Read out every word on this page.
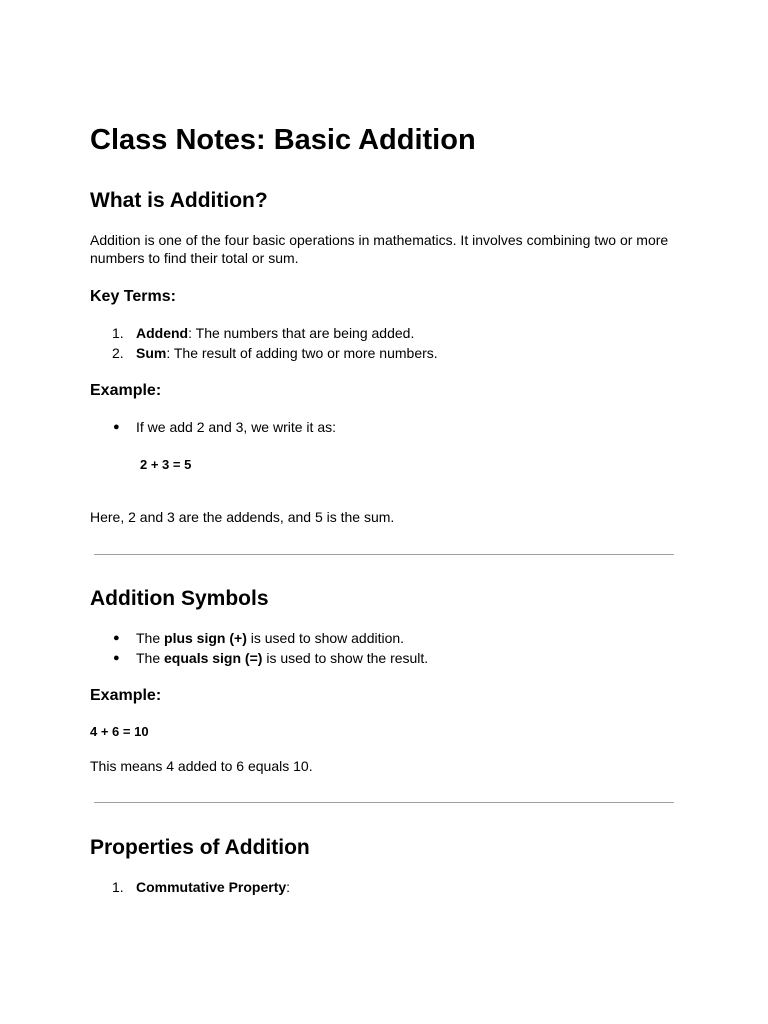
Class Notes: Basic Addition
What is Addition?
Addition is one of the four basic operations in mathematics. It involves combining two or more
numbers to find their total or sum.
Key Terms:
1. Addend: The numbers that are being added.
2. Sum: The result of adding two or more numbers.
Example:
● If we add 2 and 3, we write it as:
2 + 3 = 5
Here, 2 and 3 are the addends, and 5 is the sum.
Addition Symbols
● The plus sign (+) is used to show addition.
● The equals sign (=) is used to show the result.
Example:
4 + 6 = 10
This means 4 added to 6 equals 10.
Properties of Addition
1. Commutative Property:
